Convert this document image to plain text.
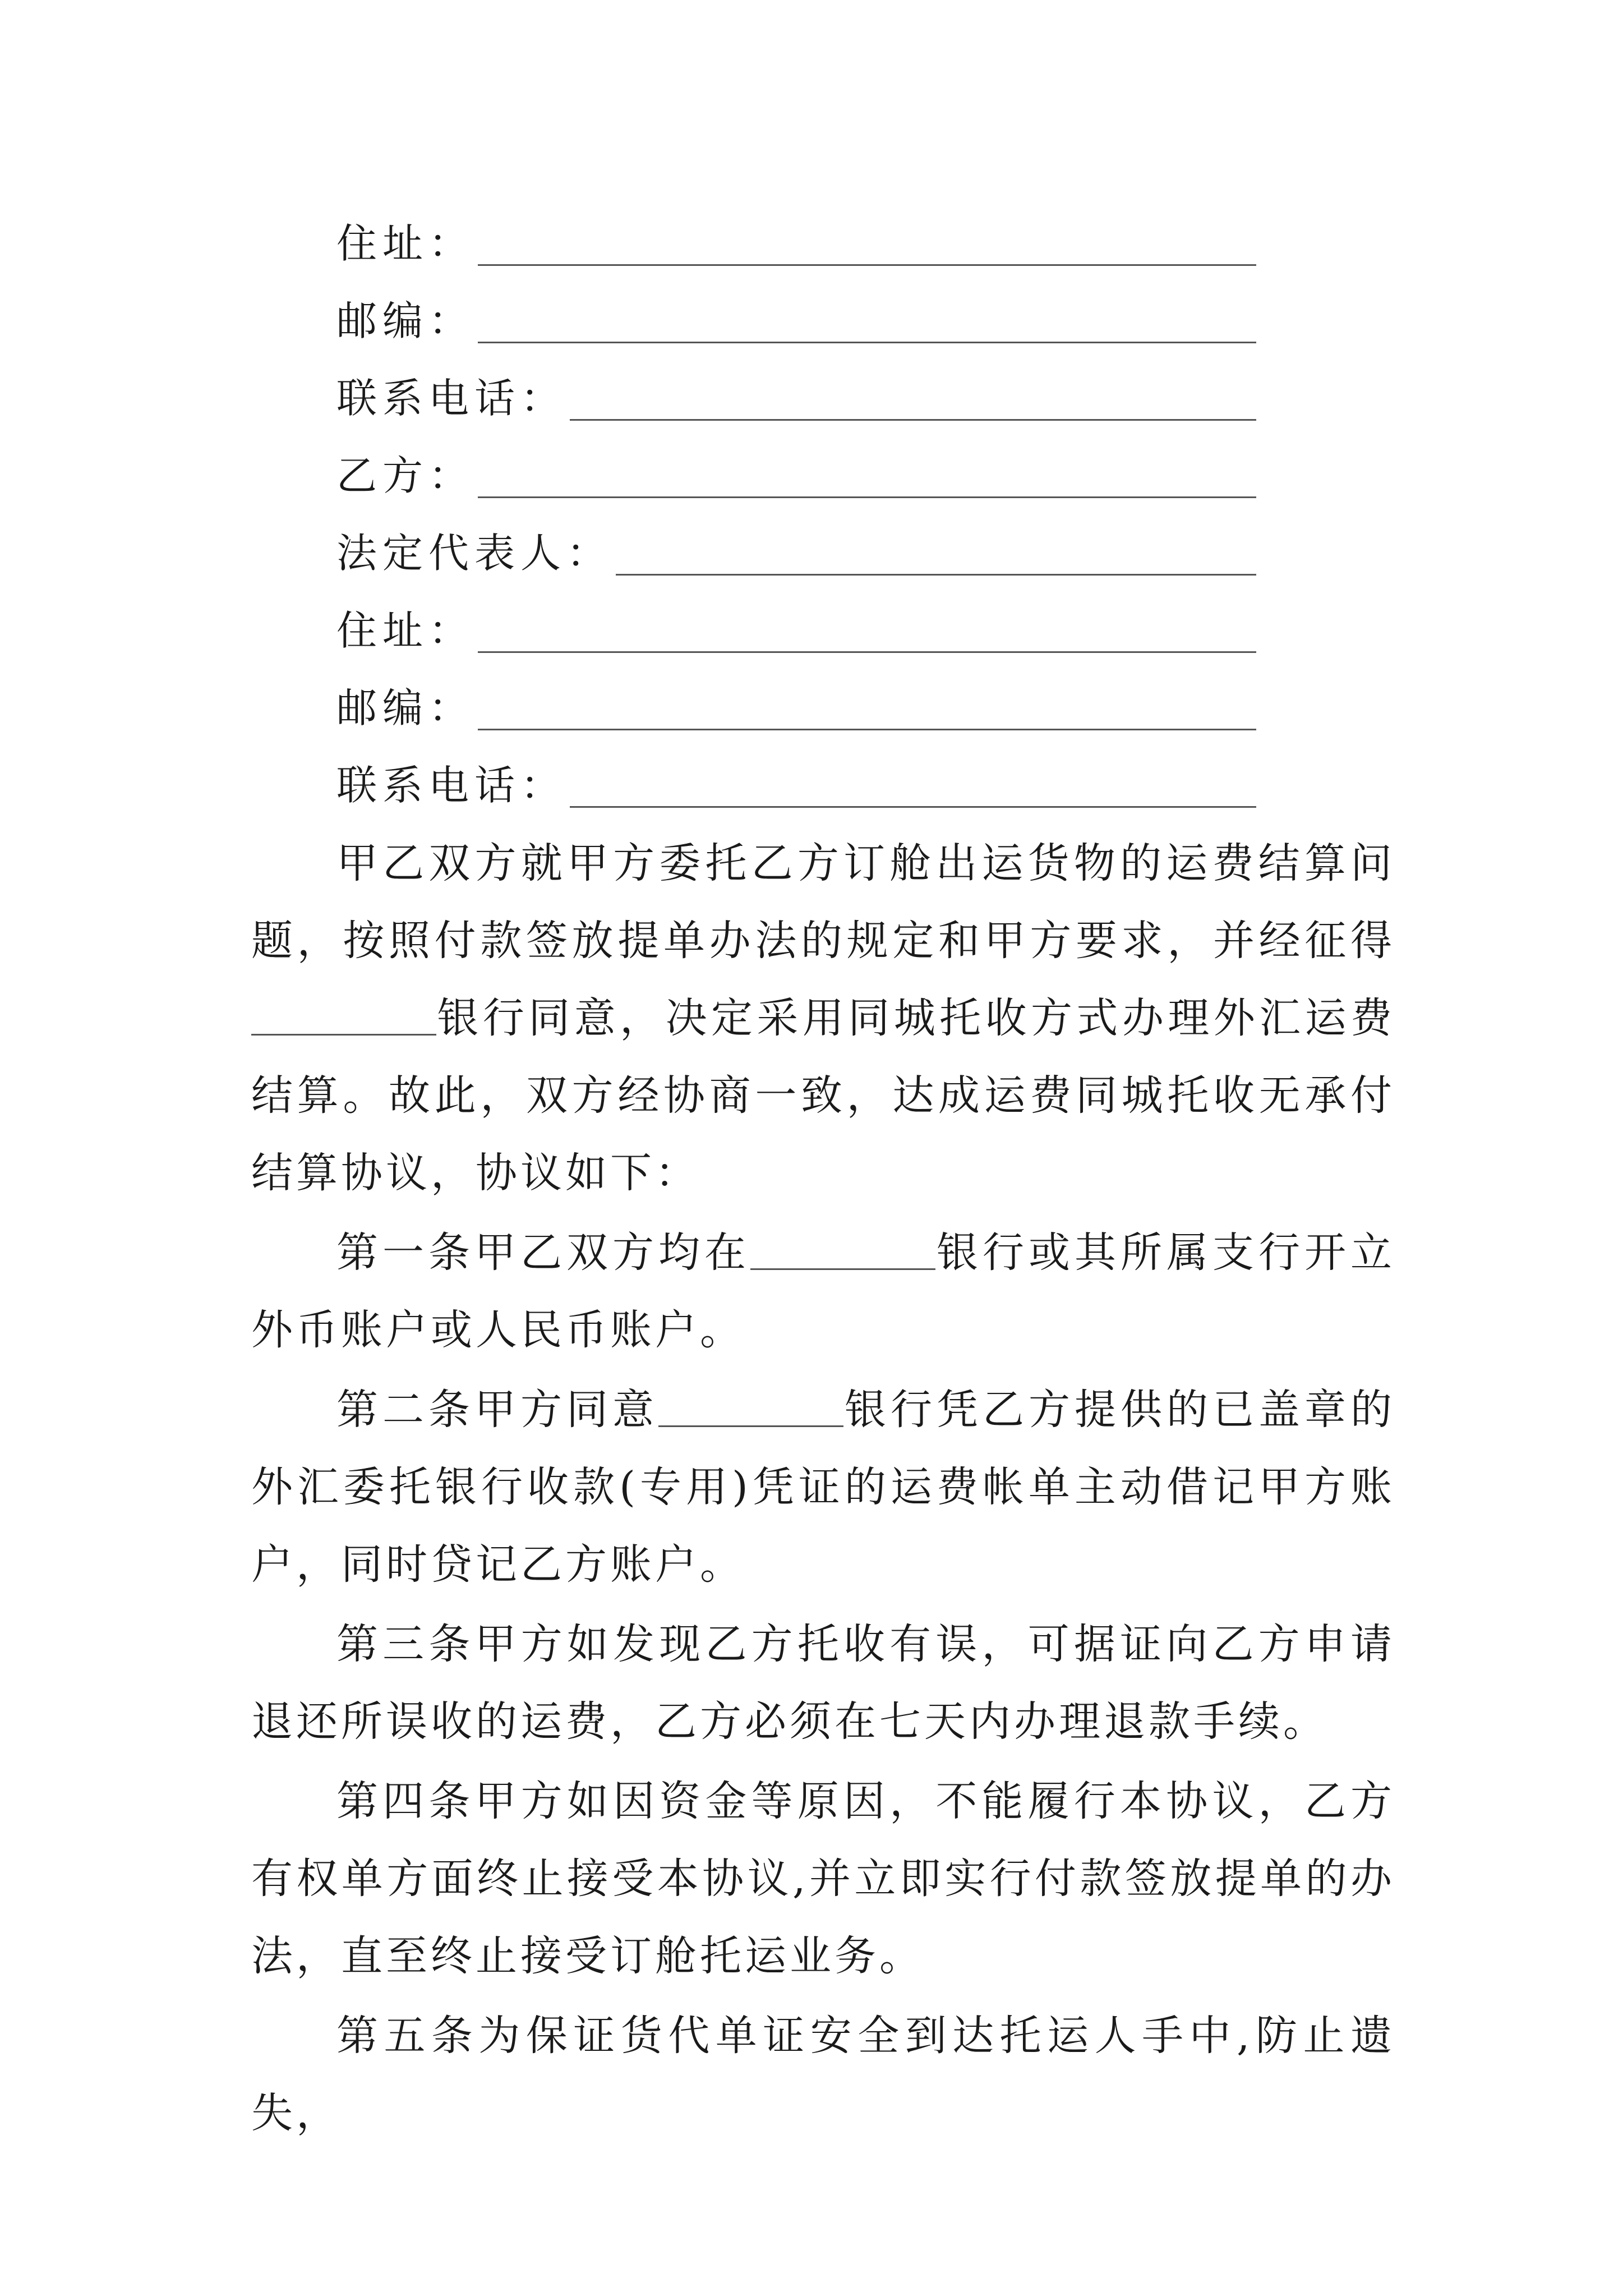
住址：
邮编：
联系电话：
乙方：
法定代表人：
住址：
邮编：
联系电话：

甲乙双方就甲方委托乙方订舱出运货物的运费结算问题，按照付款签放提单办法的规定和甲方要求，并经征得银行同意，决定采用同城托收方式办理外汇运费结算。故此，双方经协商一致，达成运费同城托收无承付结算协议，协议如下：

第一条甲乙双方均在	银行或其所属支行开立外币账户或人民币账户。

第二条甲方同意	银行凭乙方提供的已盖章的外汇委托银行收款(专用)凭证的运费帐单主动借记甲方账户，同时贷记乙方账户。

第三条甲方如发现乙方托收有误，可据证向乙方申请退还所误收的运费，乙方必须在七天内办理退款手续。

第四条甲方如因资金等原因，不能履行本协议，乙方有权单方面终止接受本协议,并立即实行付款签放提单的办法，直至终止接受订舱托运业务。

第五条为保证货代单证安全到达托运人手中,防止遗失，
